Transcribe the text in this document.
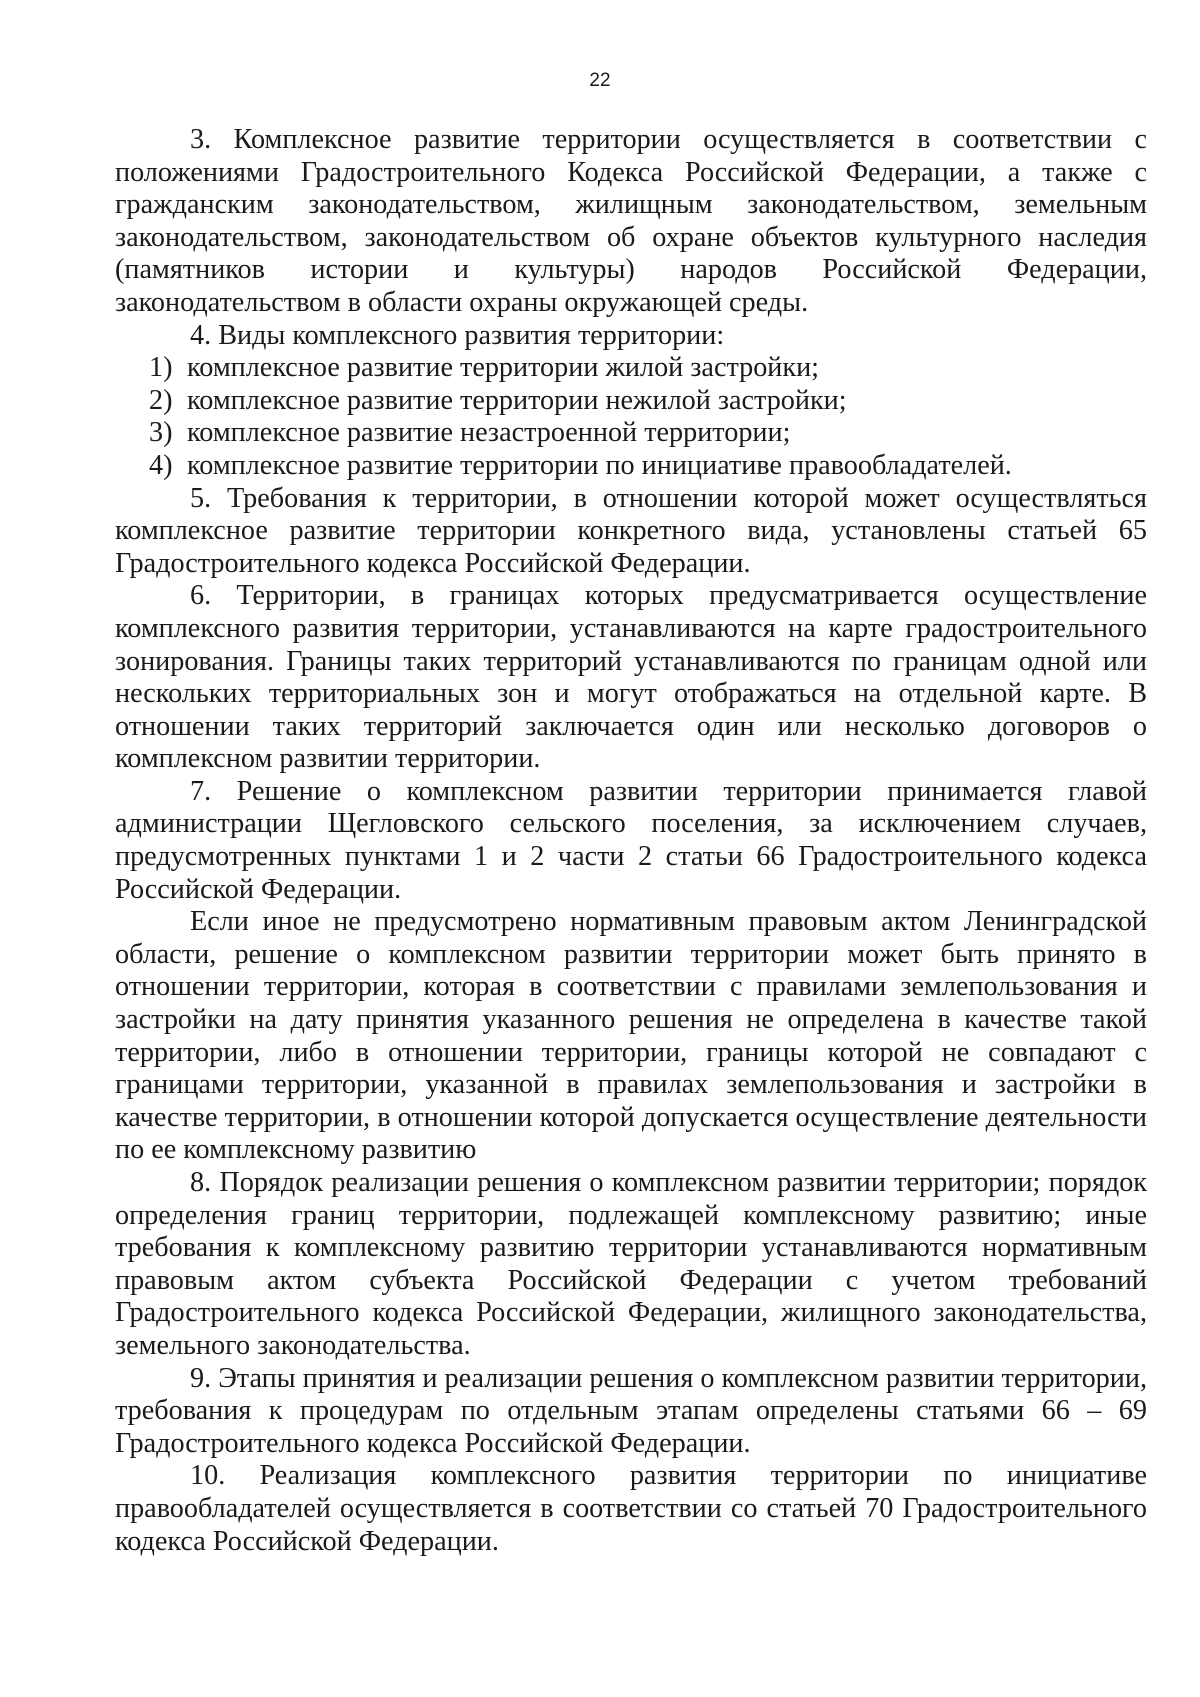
22

3. Комплексное развитие территории осуществляется в соответствии с положениями Градостроительного Кодекса Российской Федерации, а также с гражданским законодательством, жилищным законодательством, земельным законодательством, законодательством об охране объектов культурного наследия (памятников истории и культуры) народов Российской Федерации, законодательством в области охраны окружающей среды.

4. Виды комплексного развития территории:

1) комплексное развитие территории жилой застройки;

2) комплексное развитие территории нежилой застройки;

3) комплексное развитие незастроенной территории;

4) комплексное развитие территории по инициативе правообладателей.

5. Требования к территории, в отношении которой может осуществляться комплексное развитие территории конкретного вида, установлены статьей 65 Градостроительного кодекса Российской Федерации.

6. Территории, в границах которых предусматривается осуществление комплексного развития территории, устанавливаются на карте градостроительного зонирования. Границы таких территорий устанавливаются по границам одной или нескольких территориальных зон и могут отображаться на отдельной карте. В отношении таких территорий заключается один или несколько договоров о комплексном развитии территории.

7. Решение о комплексном развитии территории принимается главой администрации Щегловского сельского поселения, за исключением случаев, предусмотренных пунктами 1 и 2 части 2 статьи 66 Градостроительного кодекса Российской Федерации.

Если иное не предусмотрено нормативным правовым актом Ленинградской области, решение о комплексном развитии территории может быть принято в отношении территории, которая в соответствии с правилами землепользования и застройки на дату принятия указанного решения не определена в качестве такой территории, либо в отношении территории, границы которой не совпадают с границами территории, указанной в правилах землепользования и застройки в качестве территории, в отношении которой допускается осуществление деятельности по ее комплексному развитию

8. Порядок реализации решения о комплексном развитии территории; порядок определения границ территории, подлежащей комплексному развитию; иные требования к комплексному развитию территории устанавливаются нормативным правовым актом субъекта Российской Федерации с учетом требований Градостроительного кодекса Российской Федерации, жилищного законодательства, земельного законодательства.

9. Этапы принятия и реализации решения о комплексном развитии территории, требования к процедурам по отдельным этапам определены статьями 66 – 69 Градостроительного кодекса Российской Федерации.

10. Реализация комплексного развития территории по инициативе правообладателей осуществляется в соответствии со статьей 70 Градостроительного кодекса Российской Федерации.
